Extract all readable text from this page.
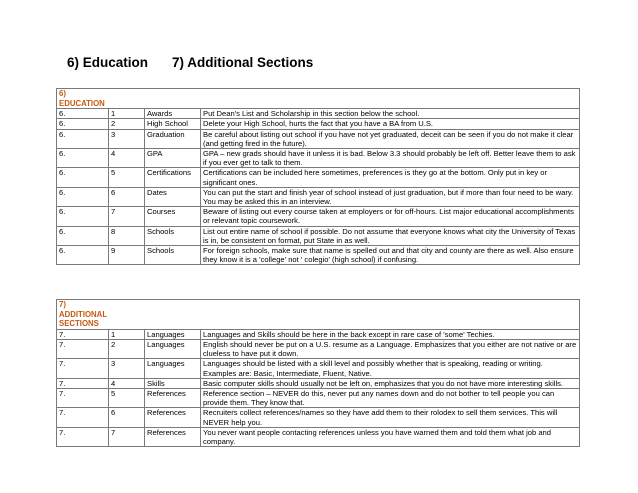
6) Education 7) Additional Sections
6)
EDUCATION			

6.	1	Awards	Put Dean's List and Scholarship in this section below the school.
6.	2	High School	Delete your High School, hurts the fact that you have a BA from U.S.
6.	3	Graduation	Be careful about listing out school if you have not yet graduated, deceit can be seen if you do not make it clear (and getting fired in the future).
6.	4	GPA	GPA – new grads should have it unless it is bad. Below 3.3 should probably be left off. Better leave them to ask if you ever get to talk to them.
6.	5	Certifications	Certifications can be included here sometimes, preferences is they go at the bottom. Only put in key or significant ones.
6.	6	Dates	You can put the start and finish year of school instead of just graduation, but if more than four need to be wary. You may be asked this in an interview.
6.	7	Courses	Beware of listing out every course taken at employers or for off-hours. List major educational accomplishments or relevant topic coursework.
6.	8	Schools	List out entire name of school if possible. Do not assume that everyone knows what city the University of Texas is in, be consistent on format, put State in as well.
6.	9	Schools	For foreign schools, make sure that name is spelled out and that city and county are there as well. Also ensure they know it is a 'college' not ' colegio' (high school) if confusing.
7)
ADDITIONAL
SECTIONS			

7.	1	Languages	Languages and Skills should be here in the back except in rare case of 'some' Techies.
7.	2	Languages	English should never be put on a U.S. resume as a Language. Emphasizes that you either are not native or are clueless to have put it down.
7.	3	Languages	Languages should be listed with a skill level and possibly whether that is speaking, reading or writing. Examples are: Basic, Intermediate, Fluent, Native.
7.	4	Skills	Basic computer skills should usually not be left on, emphasizes that you do not have more interesting skills.
7.	5	References	Reference section – NEVER do this, never put any names down and do not bother to tell people you can provide them. They know that.
7.	6	References	Recruiters collect references/names so they have add them to their rolodex to sell them services. This will NEVER help you.
7.	7	References	You never want people contacting references unless you have warned them and told them what job and company.
